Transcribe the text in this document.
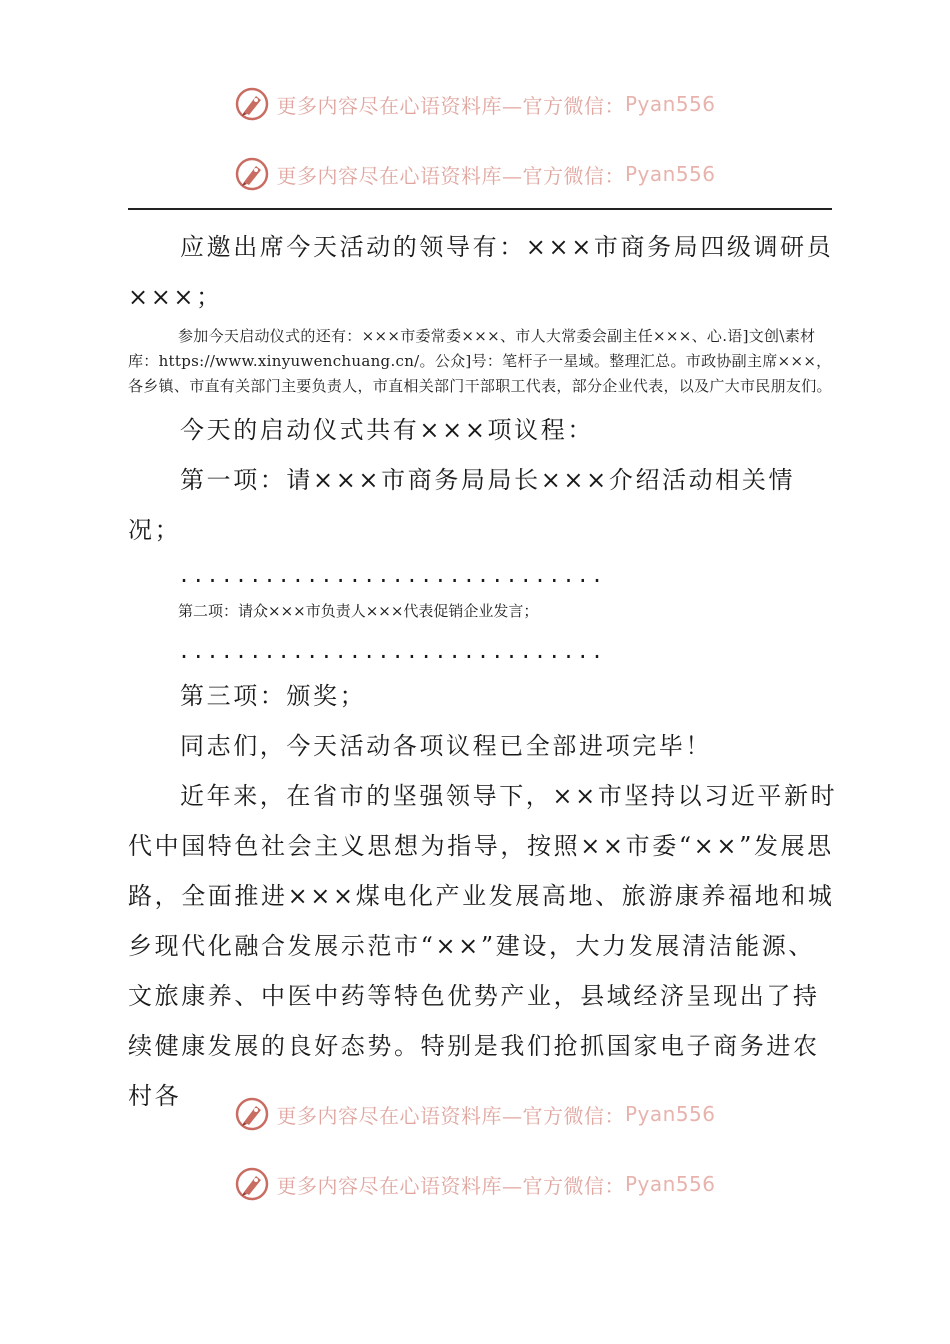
更多内容尽在心语资料库—官方微信： Pyan556
更多内容尽在心语资料库—官方微信： Pyan556

应邀出席今天活动的领导有：×××市商务局四级调研员×××；

参加今天启动仪式的还有：×××市委常委×××、市人大常委会副主任×××、心.语]文创\素材库：https://www.xinyuwenchuang.cn/。公众]号：笔杆子一星域。整理汇总。市政协副主席×××，各乡镇、市直有关部门主要负责人，市直相关部门干部职工代表，部分企业代表，以及广大市民朋友们。

今天的启动仪式共有×××项议程：

第一项：请×××市商务局局长×××介绍活动相关情况；

..............................
第二项：请众×××市负责人×××代表促销企业发言；
..............................

第三项：颁奖；

同志们，今天活动各项议程已全部进项完毕！

近年来，在省市的坚强领导下，××市坚持以习近平新时代中国特色社会主义思想为指导，按照××市委“××”发展思路，全面推进×××煤电化产业发展高地、旅游康养福地和城乡现代化融合发展示范市“××”建设，大力发展清洁能源、文旅康养、中医中药等特色优势产业，县域经济呈现出了持续健康发展的良好态势。特别是我们抢抓国家电子商务进农村各

更多内容尽在心语资料库—官方微信： Pyan556
更多内容尽在心语资料库—官方微信： Pyan556
